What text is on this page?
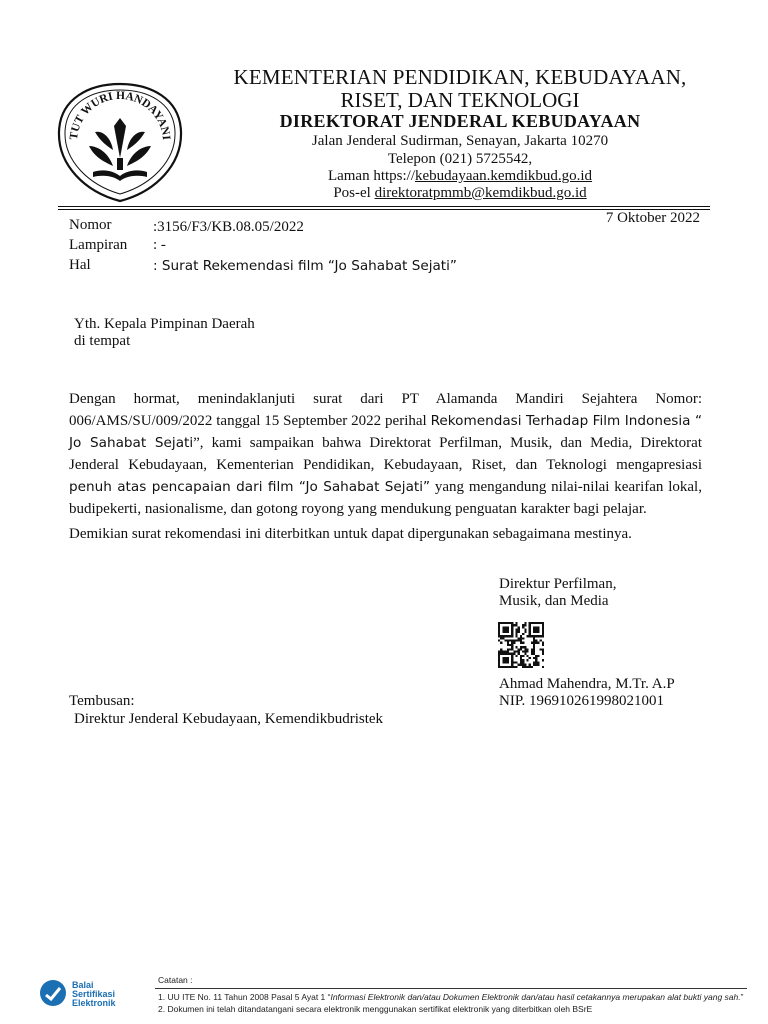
TUT WURI HANDAYANI
KEMENTERIAN PENDIDIKAN, KEBUDAYAAN,
RISET, DAN TEKNOLOGI
DIREKTORAT JENDERAL KEBUDAYAAN
Jalan Jenderal Sudirman, Senayan, Jakarta 10270
Telepon (021) 5725542,
Laman https://kebudayaan.kemdikbud.go.id
Pos-el direktoratpmmb@kemdikbud.go.id
7 Oktober 2022
Nomor	:3156/F3/KB.08.05/2022
Lampiran : -
Hal	: Surat Rekemendasi film “Jo Sahabat Sejati”
Yth. Kepala Pimpinan Daerah
di tempat
Dengan hormat, menindaklanjuti surat dari PT Alamanda Mandiri Sejahtera Nomor:
006/AMS/SU/009/2022 tanggal 15 September 2022 perihal Rekomendasi Terhadap Film Indonesia “
Jo Sahabat Sejati”, kami sampaikan bahwa Direktorat Perfilman, Musik, dan Media, Direktorat
Jenderal Kebudayaan, Kementerian Pendidikan, Kebudayaan, Riset, dan Teknologi mengapresiasi
penuh atas pencapaian dari film “Jo Sahabat Sejati” yang mengandung nilai-nilai kearifan lokal,
budipekerti, nasionalisme, dan gotong royong yang mendukung penguatan karakter bagi pelajar.
Demikian surat rekomendasi ini diterbitkan untuk dapat dipergunakan sebagaimana mestinya.
Direktur Perfilman,
Musik, dan Media
Ahmad Mahendra, M.Tr. A.P
NIP. 196910261998021001
Tembusan:
Direktur Jenderal Kebudayaan, Kemendikbudristek
Balai
Sertifikasi
Elektronik
Catatan :
1. UU ITE No. 11 Tahun 2008 Pasal 5 Ayat 1 “Informasi Elektronik dan/atau Dokumen Elektronik dan/atau hasil cetakannya merupakan alat bukti yang sah.”
2. Dokumen ini telah ditandatangani secara elektronik menggunakan sertifikat elektronik yang diterbitkan oleh BSrE
